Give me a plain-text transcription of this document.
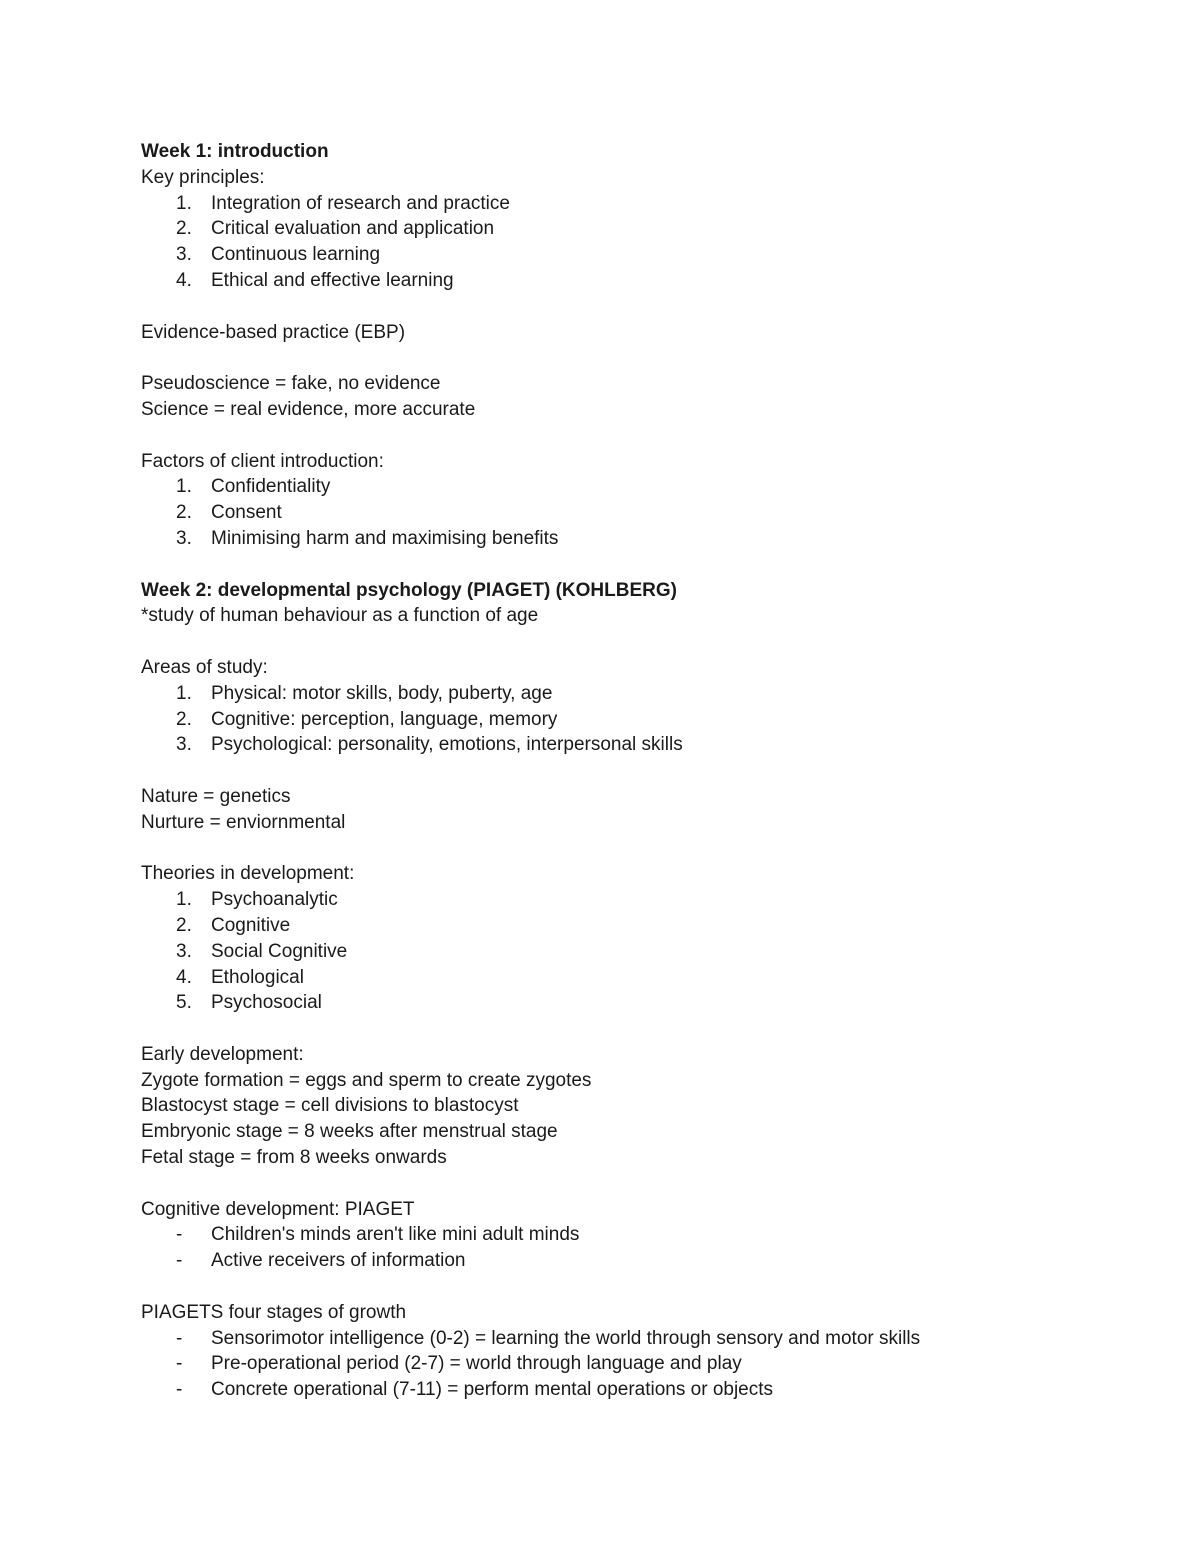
Week 1: introduction
Key principles:
1. Integration of research and practice
2. Critical evaluation and application
3. Continuous learning
4. Ethical and effective learning
Evidence-based practice (EBP)
Pseudoscience = fake, no evidence
Science = real evidence, more accurate
Factors of client introduction:
1. Confidentiality
2. Consent
3. Minimising harm and maximising benefits
Week 2: developmental psychology (PIAGET) (KOHLBERG)
*study of human behaviour as a function of age
Areas of study:
1. Physical: motor skills, body, puberty, age
2. Cognitive: perception, language, memory
3. Psychological: personality, emotions, interpersonal skills
Nature = genetics
Nurture = enviornmental
Theories in development:
1. Psychoanalytic
2. Cognitive
3. Social Cognitive
4. Ethological
5. Psychosocial
Early development:
Zygote formation = eggs and sperm to create zygotes
Blastocyst stage = cell divisions to blastocyst
Embryonic stage = 8 weeks after menstrual stage
Fetal stage = from 8 weeks onwards
Cognitive development: PIAGET
- Children's minds aren't like mini adult minds
- Active receivers of information
PIAGETS four stages of growth
- Sensorimotor intelligence (0-2) = learning the world through sensory and motor skills
- Pre-operational period (2-7) = world through language and play
- Concrete operational (7-11) = perform mental operations or objects
